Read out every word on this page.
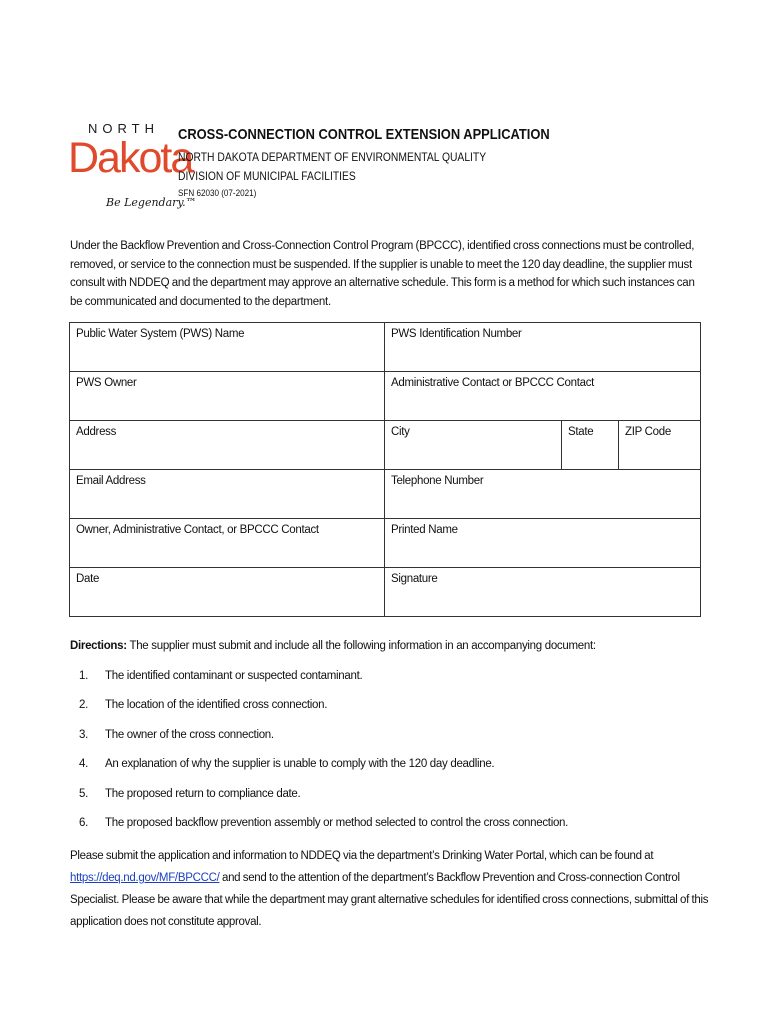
NORTH
Dakota
Be Legendary.™
CROSS-CONNECTION CONTROL EXTENSION APPLICATION
NORTH DAKOTA DEPARTMENT OF ENVIRONMENTAL QUALITY
DIVISION OF MUNICIPAL FACILITIES
SFN 62030 (07-2021)
Under the Backflow Prevention and Cross-Connection Control Program (BPCCC), identified cross connections must be controlled, removed, or service to the connection must be suspended. If the supplier is unable to meet the 120 day deadline, the supplier must consult with NDDEQ and the department may approve an alternative schedule. This form is a method for which such instances can be communicated and documented to the department.
Public Water System (PWS) Name	PWS Identification Number		
PWS Owner	Administrative Contact or BPCCC Contact		
Address	City	State	ZIP Code
Email Address	Telephone Number		
Owner, Administrative Contact, or BPCCC Contact	Printed Name		
Date	Signature		
Directions: The supplier must submit and include all the following information in an accompanying document:
1. The identified contaminant or suspected contaminant.
2. The location of the identified cross connection.
3. The owner of the cross connection.
4. An explanation of why the supplier is unable to comply with the 120 day deadline.
5. The proposed return to compliance date.
6. The proposed backflow prevention assembly or method selected to control the cross connection.
Please submit the application and information to NDDEQ via the department’s Drinking Water Portal, which can be found at https://deq.nd.gov/MF/BPCCC/ and send to the attention of the department’s Backflow Prevention and Cross-connection Control Specialist. Please be aware that while the department may grant alternative schedules for identified cross connections, submittal of this application does not constitute approval.
